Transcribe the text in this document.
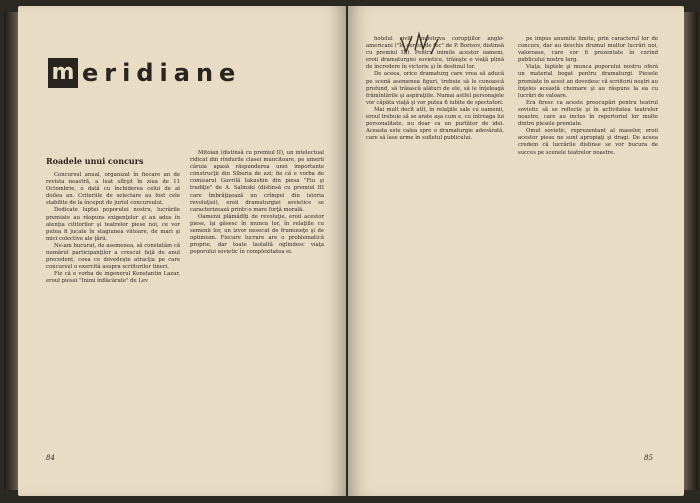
m eridiane
Roadele unui concurs

Concursul anual, organizat în fiecare an de revista noastră, a luat sfîrşit în ziua de 11 Octombrie, o dată cu închiderea celui de al doilea an. Criteriile de selectare au fost cele stabilite de la început de juriul concursului.

Dedicate luptei poporului nostru, lucrările premiate au răspuns exigenţelor şi au adus în atenţia cititorilor şi teatrelor piese noi, ce vor putea fi jucate în stagiunea viitoare, de mari şi mici colective ale ţării.

Ne-am bucurat, de asemenea, să constatăm că numărul participanţilor a crescut faţă de anul precedent, ceea ce dovedeşte atracţia pe care concursul o exercită asupra scriitorilor tineri.

Fie că e vorba de ingenerul Konstantin Lazar, eroul piesei "Inimi înflăcărate" de Lev

Mitoian (distinsă cu premiul II), un intelectual ridicat din rîndurile clasei muncitoare, pe umerii căruia apasă răspunderea unei importante construcţii din Siberia de azi; fie că e vorba de comisarul Gavrilă Iakushin din piesa "Fiu şi tradiţie" de A. Salinski (distinsă cu premiul III care îmbrăţişează un crîmpei din istoria revoluţiei), eroii dramaturgiei sovietice se caracterizează printr-o mare forţă morală.

Oamenii plămădiţi de revoluţie, eroii acestor piese, îşi găsesc în munca lor, în relaţiile cu semenii lor, un izvor nesecat de frumuseţe şi de optimism. Fiecare lucrare are o problematică proprie, dar toate laolaltă oglindesc viaţa poporului sovietic în complexitatea ei.

84

hotelul civil, impotriva corupţiilor anglo-americani ("În cercul de foc" de P. Borisov, distinsă cu premiul III). Pentru inimile acestor oameni, eroii dramaturgiei sovietice, trăieşte o viaţă plină de încredere în victorie şi în destinul lor.

De aceea, orice dramaturg care vrea să aducă pe scenă asemenea figuri, trebuie să le cunoască profund, să trăiască alături de ele, să le înţeleagă frămîntările şi aspiraţiile. Numai astfel personajele vor căpăta viaţă şi vor putea fi iubite de spectatori.

Mai mult decît atît, în relaţiile sale cu oamenii, eroul trebuie să se arate aşa cum e, cu întreaga lui personalitate, nu doar ca un purtător de idei. Aceasta este calea spre o dramaturgie adevărată, care să lase urme în sufletul publicului.

pe impus anumite limite, prin caracterul lor de concurs, dar au deschis drumul multor lucrări noi, valoroase, care vor fi prezentate în curînd publicului nostru larg.

Viaţa, luptele şi munca poporului nostru oferă un material bogat pentru dramaturgi. Piesele premiate în acest an dovedesc că scriitorii noştri au înţeles această chemare şi au răspuns la ea cu lucrări de valoare.

Era firesc ca aceste preocupări pentru teatrul sovietic să se reflecte şi în activitatea teatrelor noastre, care au inclus în repertoriul lor multe dintre piesele premiate.

Omul sovietic, reprezentant al maselor, eroii acestor piese ne sunt apropiaţi şi dragi. De aceea credem că lucrările distinse se vor bucura de succes pe scenele teatrelor noastre.

85
